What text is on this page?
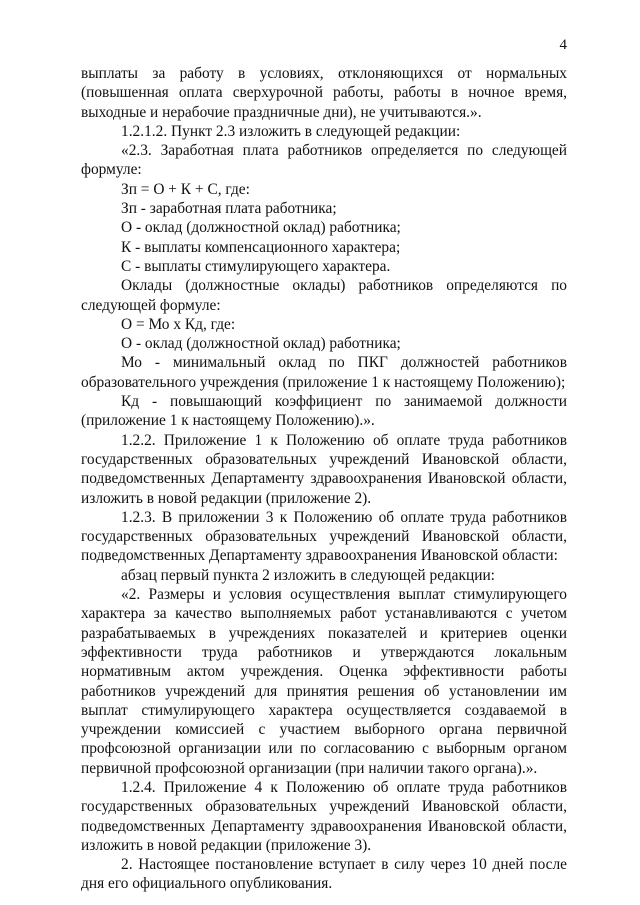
4

выплаты за работу в условиях, отклоняющихся от нормальных (повышенная оплата сверхурочной работы, работы в ночное время, выходные и нерабочие праздничные дни), не учитываются.».

1.2.1.2. Пункт 2.3 изложить в следующей редакции:

«2.3. Заработная плата работников определяется по следующей формуле:

Зп = О + К + С, где:

Зп - заработная плата работника;

О - оклад (должностной оклад) работника;

К - выплаты компенсационного характера;

С - выплаты стимулирующего характера.

Оклады (должностные оклады) работников определяются по следующей формуле:

О = Мо х Кд, где:

О - оклад (должностной оклад) работника;

Мо - минимальный оклад по ПКГ должностей работников образовательного учреждения (приложение 1 к настоящему Положению);

Кд - повышающий коэффициент по занимаемой должности (приложение 1 к настоящему Положению).».

1.2.2. Приложение 1 к Положению об оплате труда работников государственных образовательных учреждений Ивановской области, подведомственных Департаменту здравоохранения Ивановской области, изложить в новой редакции (приложение 2).

1.2.3. В приложении 3 к Положению об оплате труда работников государственных образовательных учреждений Ивановской области, подведомственных Департаменту здравоохранения Ивановской области:

абзац первый пункта 2 изложить в следующей редакции:

«2. Размеры и условия осуществления выплат стимулирующего характера за качество выполняемых работ устанавливаются с учетом разрабатываемых в учреждениях показателей и критериев оценки эффективности труда работников и утверждаются локальным нормативным актом учреждения. Оценка эффективности работы работников учреждений для принятия решения об установлении им выплат стимулирующего характера осуществляется создаваемой в учреждении комиссией с участием выборного органа первичной профсоюзной организации или по согласованию с выборным органом первичной профсоюзной организации (при наличии такого органа).».

1.2.4. Приложение 4 к Положению об оплате труда работников государственных образовательных учреждений Ивановской области, подведомственных Департаменту здравоохранения Ивановской области, изложить в новой редакции (приложение 3).

2. Настоящее постановление вступает в силу через 10 дней после дня его официального опубликования.
